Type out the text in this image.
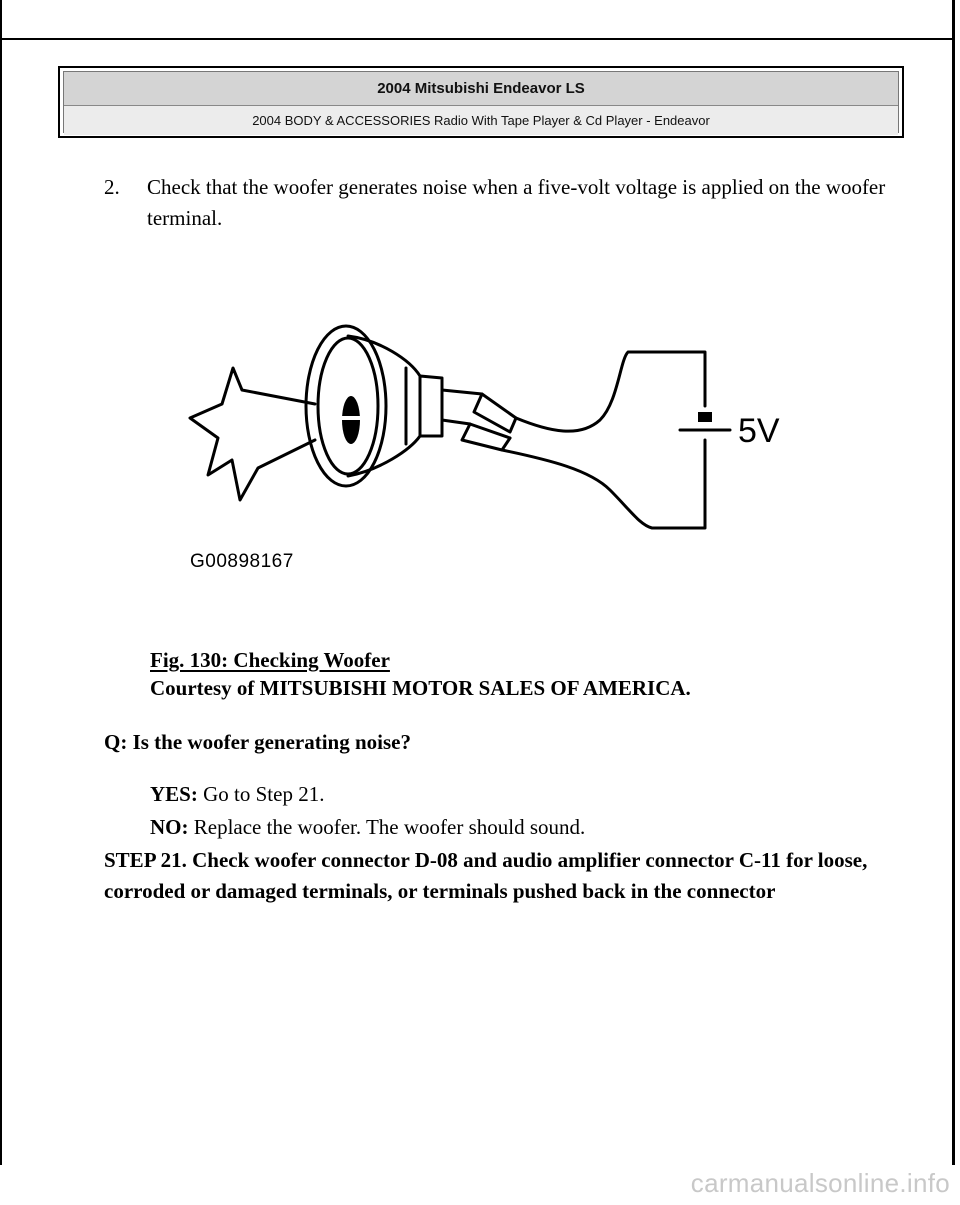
2004 Mitsubishi Endeavor LS
2004 BODY & ACCESSORIES Radio With Tape Player & Cd Player - Endeavor
2. Check that the woofer generates noise when a five-volt voltage is applied on the woofer terminal.
5V
G00898167
Fig. 130: Checking Woofer
Courtesy of MITSUBISHI MOTOR SALES OF AMERICA.
Q: Is the woofer generating noise?
YES: Go to Step 21.
NO: Replace the woofer. The woofer should sound.
STEP 21. Check woofer connector D-08 and audio amplifier connector C-11 for loose, corroded or damaged terminals, or terminals pushed back in the connector
carmanualsonline.info
